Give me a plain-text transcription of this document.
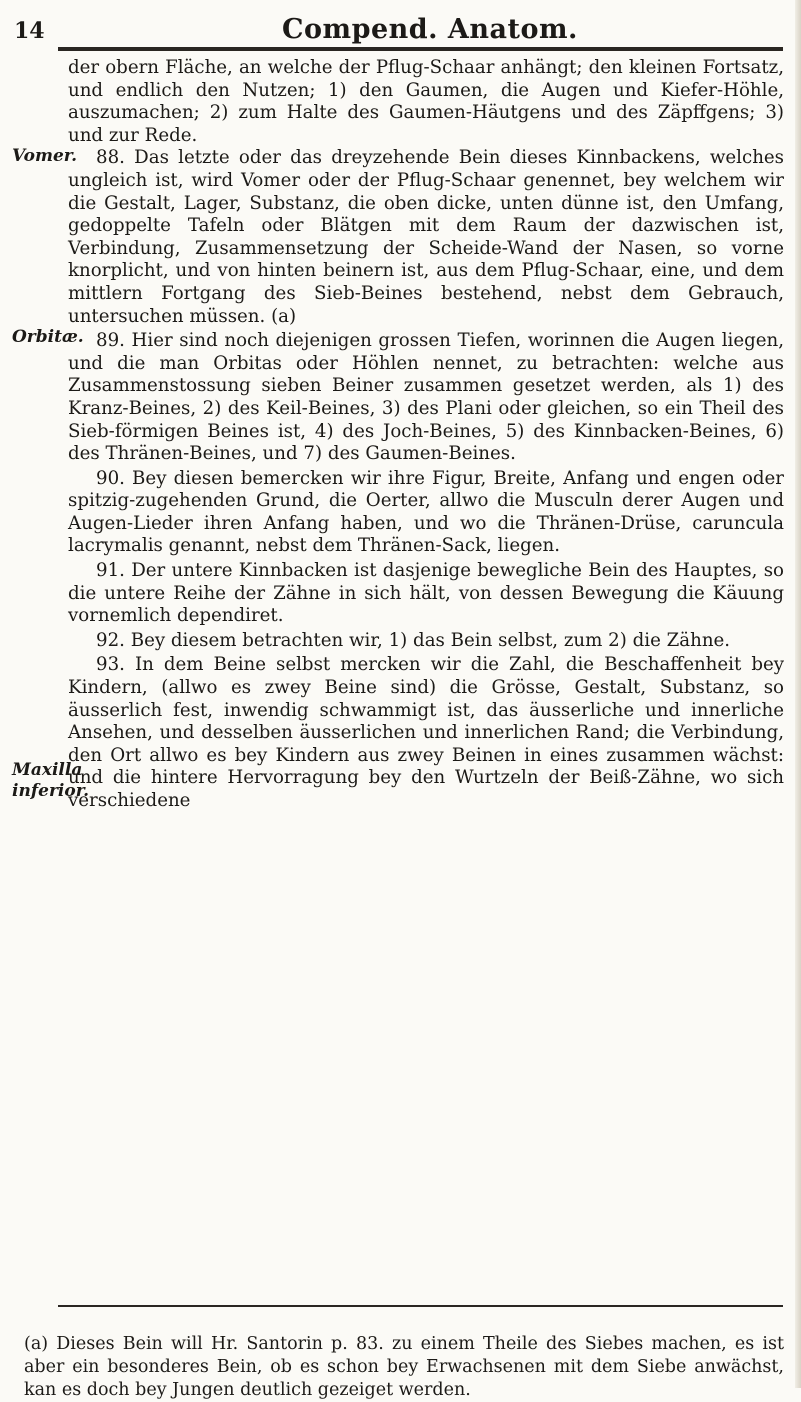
14	Compend. Anatom.
Vomer.
Orbitæ.
Maxilla
inferior.

der obern Fläche, an welche der Pflug-Schaar anhängt; den kleinen Fortsatz, und endlich den Nutzen; 1) den Gaumen, die Augen und Kiefer-Höhle, auszumachen; 2) zum Halte des Gaumen-Häutgens und des Zäpffgens; 3) und zur Rede.

88. Das letzte oder das dreyzehende Bein dieses Kinnbackens, welches ungleich ist, wird Vomer oder der Pflug-Schaar genennet, bey welchem wir die Gestalt, Lager, Substanz, die oben dicke, unten dünne ist, den Umfang, gedoppelte Tafeln oder Blätgen mit dem Raum der dazwischen ist, Verbindung, Zusammensetzung der Scheide-Wand der Nasen, so vorne knorplicht, und von hinten beinern ist, aus dem Pflug-Schaar, eine, und dem mittlern Fortgang des Sieb-Beines bestehend, nebst dem Gebrauch, untersuchen müssen. (a)

89. Hier sind noch diejenigen grossen Tiefen, worinnen die Augen liegen, und die man Orbitas oder Höhlen nennet, zu betrachten: welche aus Zusammenstossung sieben Beiner zusammen gesetzet werden, als 1) des Kranz-Beines, 2) des Keil-Beines, 3) des Plani oder gleichen, so ein Theil des Sieb-förmigen Beines ist, 4) des Joch-Beines, 5) des Kinnbacken-Beines, 6) des Thränen-Beines, und 7) des Gaumen-Beines.

90. Bey diesen bemercken wir ihre Figur, Breite, Anfang und engen oder spitzig-zugehenden Grund, die Oerter, allwo die Musculn derer Augen und Augen-Lieder ihren Anfang haben, und wo die Thränen-Drüse, caruncula lacrymalis genannt, nebst dem Thränen-Sack, liegen.

91. Der untere Kinnbacken ist dasjenige bewegliche Bein des Hauptes, so die untere Reihe der Zähne in sich hält, von dessen Bewegung die Käuung vornemlich dependiret.

92. Bey diesem betrachten wir, 1) das Bein selbst, zum 2) die Zähne.

93. In dem Beine selbst mercken wir die Zahl, die Beschaffenheit bey Kindern, (allwo es zwey Beine sind) die Grösse, Gestalt, Substanz, so äusserlich fest, inwendig schwammigt ist, das äusserliche und innerliche Ansehen, und desselben äusserlichen und innerlichen Rand; die Verbindung, den Ort allwo es bey Kindern aus zwey Beinen in eines zusammen wächst: und die hintere Hervorragung bey den Wurtzeln der Beiß-Zähne, wo sich verschiedene

(a) Dieses Bein will Hr. Santorin p. 83. zu einem Theile des Siebes machen, es ist aber ein besonderes Bein, ob es schon bey Erwachsenen mit dem Siebe anwächst, kan es doch bey Jungen deutlich gezeiget werden.
